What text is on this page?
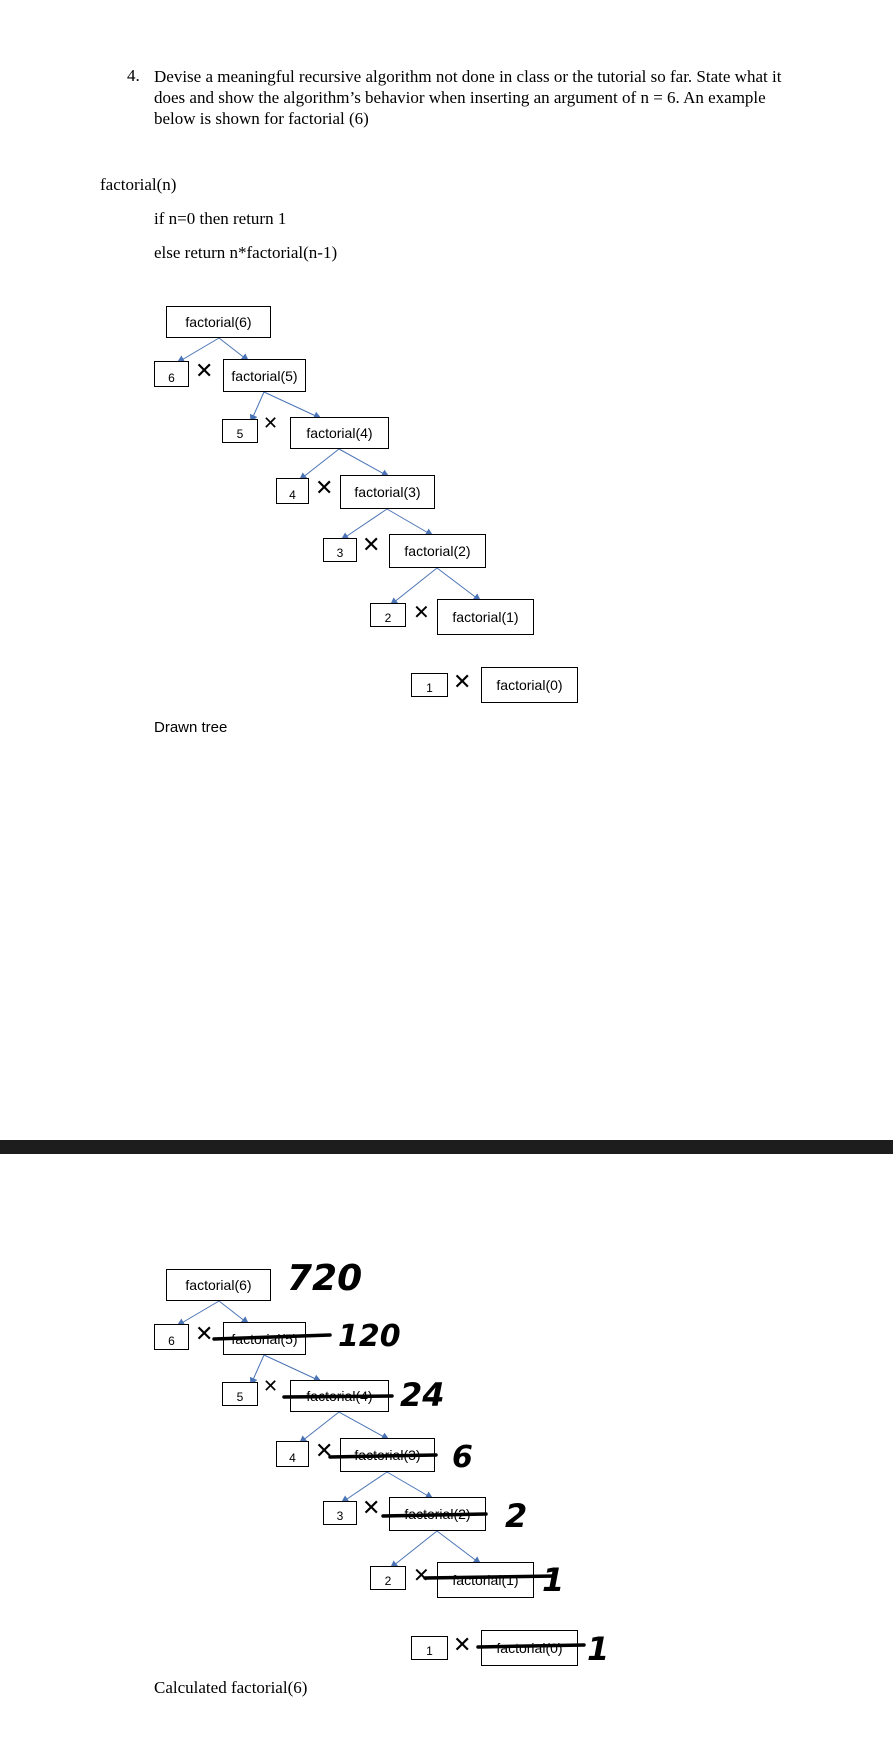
4. Devise a meaningful recursive algorithm not done in class or the tutorial so far. State what it does and show the algorithm’s behavior when inserting an argument of n = 6. An example below is shown for factorial (6)
factorial(n)
if n=0 then return 1
else return n*factorial(n-1)
factorial(6)
6 ✕	factorial(5)
5	✕	factorial(4)
4 ✕	factorial(3)
3 ✕	factorial(2)
2	✕	factorial(1)
1 ✕	factorial(0)
Drawn tree
factorial(6)
6 ✕	factorial(5)
5	✕	factorial(4)
4 ✕	factorial(3)
3 ✕	factorial(2)
2	✕	factorial(1)
1 ✕	factorial(0)
720
120
24
6
2
1
1
Calculated factorial(6)
